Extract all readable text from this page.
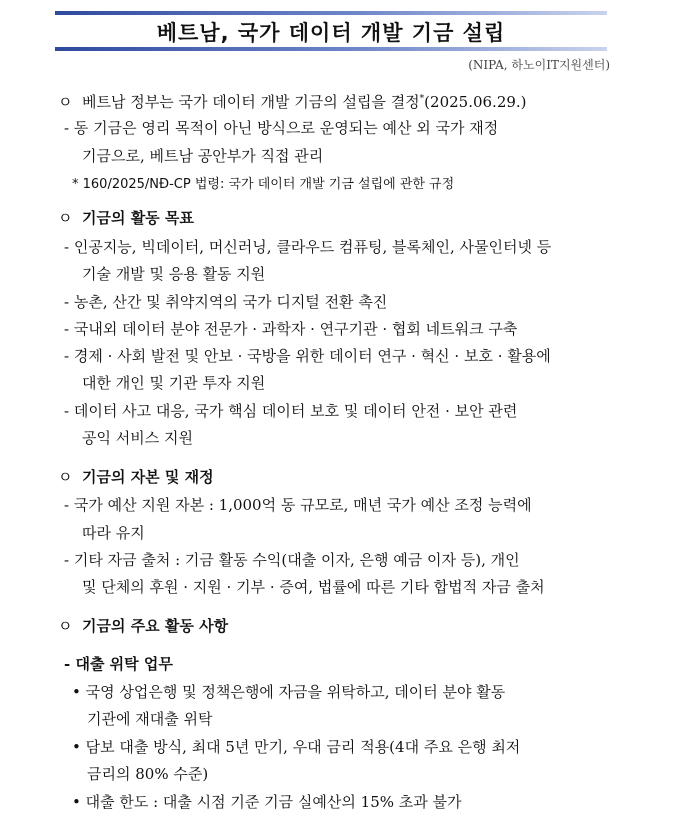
베트남, 국가 데이터 개발 기금 설립
(NIPA, 하노이IT지원센터)
ㅇ 베트남 정부는 국가 데이터 개발 기금의 설립을 결정*(2025.06.29.)
- 동 기금은 영리 목적이 아닌 방식으로 운영되는 예산 외 국가 재정
기금으로, 베트남 공안부가 직접 관리
* 160/2025/NĐ-CP 법령: 국가 데이터 개발 기금 설립에 관한 규정
ㅇ 기금의 활동 목표
- 인공지능, 빅데이터, 머신러닝, 클라우드 컴퓨팅, 블록체인, 사물인터넷 등
기술 개발 및 응용 활동 지원
- 농촌, 산간 및 취약지역의 국가 디지털 전환 촉진
- 국내외 데이터 분야 전문가 · 과학자 · 연구기관 · 협회 네트워크 구축
- 경제 · 사회 발전 및 안보 · 국방을 위한 데이터 연구 · 혁신 · 보호 · 활용에
대한 개인 및 기관 투자 지원
- 데이터 사고 대응, 국가 핵심 데이터 보호 및 데이터 안전 · 보안 관련
공익 서비스 지원
ㅇ 기금의 자본 및 재정
- 국가 예산 지원 자본 : 1,000억 동 규모로, 매년 국가 예산 조정 능력에
따라 유지
- 기타 자금 출처 : 기금 활동 수익(대출 이자, 은행 예금 이자 등), 개인
및 단체의 후원 · 지원 · 기부 · 증여, 법률에 따른 기타 합법적 자금 출처
ㅇ 기금의 주요 활동 사항
- 대출 위탁 업무
• 국영 상업은행 및 정책은행에 자금을 위탁하고, 데이터 분야 활동
기관에 재대출 위탁
• 담보 대출 방식, 최대 5년 만기, 우대 금리 적용(4대 주요 은행 최저
금리의 80% 수준)
• 대출 한도 : 대출 시점 기준 기금 실예산의 15% 초과 불가
